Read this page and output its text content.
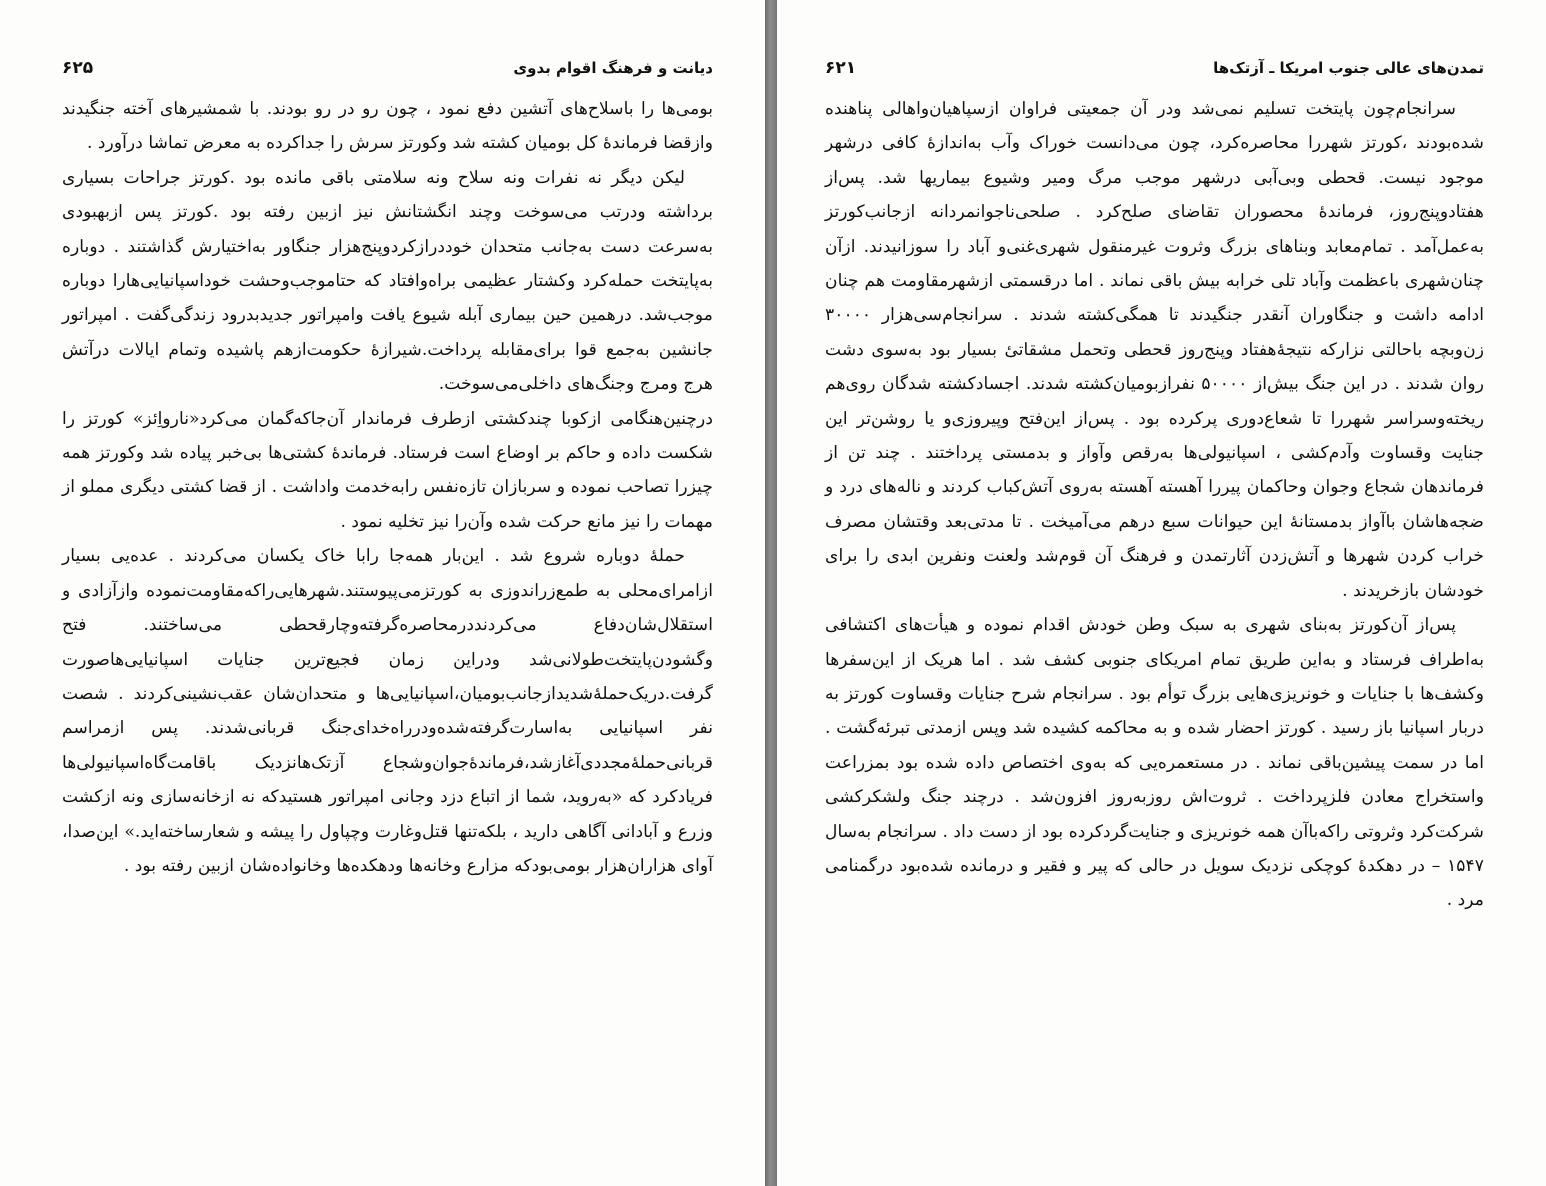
دیانت و فرهنگ اقوام بدوی
۶۲۵

بومی‌ها را باسلاح‌های آتشین دفع نمود ، چون رو در رو بودند. با شمشیرهای آخته جنگیدند وازقضا فرماندهٔ کل بومیان کشته شد وکورتز سرش را جداکرده به معرض تماشا درآورد .

لیکن دیگر نه نفرات ونه سلاح ونه سلامتی باقی مانده بود .کورتز جراحات بسیاری برداشته ودرتب می‌سوخت وچند انگشتانش نیز ازبین رفته بود .کورتز پس ازبهبودی به‌سرعت دست به‌جانب متحدان خوددرازکردوپنج‌هزار جنگاور به‌اختیارش گذاشتند . دوباره به‌پایتخت حمله‌کرد وکشتار عظیمی براه‌وافتاد که حتاموجب‌وحشت خوداسپانیایی‌هارا دوباره موجب‌شد. درهمین حین بیماری آبله شیوع یافت وامپراتور جدیدبدرود زندگی‌گفت . امپراتور جانشین به‌جمع قوا برای‌مقابله پرداخت.شیرازهٔ حکومت‌ازهم پاشیده وتمام ایالات درآتش هرج ومرج وجنگ‌های داخلی‌می‌سوخت.

درچنین‌هنگامی ازکوبا چندکشتی ازطرف فرماندار آن‌جاکه‌گمان می‌کرد«نارواِئز» کورتز را شکست داده و حاکم بر اوضاع است فرستاد. فرماندهٔ کشتی‌ها بی‌خبر پیاده شد وکورتز همه چیزرا تصاحب نموده و سربازان تازه‌نفس رابه‌خدمت واداشت . از قضا کشتی دیگری مملو از مهمات را نیز مانع حرکت شده وآن‌را نیز تخلیه نمود .

حملهٔ دوباره شروع شد . این‌بار همه‌جا رابا خاک یکسان می‌کردند . عده‌یی بسیار ازامرای‌محلی به طمع‌زراندوزی به کورتزمی‌پیوستند.شهرهایی‌راکه‌مقاومت‌نموده وازآزادی و استقلال‌شان‌دفاع می‌کردند‌درمحاصره‌گرفته‌وچارقحطی می‌ساختند. فتح وگشودن‌پایتخت‌طولانی‌شد ودراین زمان فجیع‌ترین جنایات اسپانیایی‌هاصورت گرفت.دریک‌حملهٔ‌شدیدازجانب‌بومیان،اسپانیایی‌ها و متحدان‌شان عقب‌نشینی‌کردند . شصت نفر اسپانیایی به‌اسارت‌گرفته‌شده‌ودرراه‌خدای‌جنگ قربانی‌شدند. پس ازمراسم قربانی‌حملهٔ‌مجددی‌آغازشد،فرماندهٔ‌جوان‌وشجاع آزتک‌هانزدیک باقامت‌گاه‌اسپانیولی‌ها فریادکرد که «به‌روید، شما از اتباع دزد وجانی امپراتور هستیدکه نه ازخانه‌سازی ونه ازکشت وزرع و آبادانی آگاهی دارید ، بلکه‌تنها قتل‌وغارت وچپاول را پیشه و شعارساخته‌اید.» این‌صدا، آوای هزاران‌هزار بومی‌بودکه مزارع وخانه‌ها ودهکده‌ها وخانواده‌شان ازبین رفته بود .

تمدن‌های عالی جنوب امریکا ـ آزتک‌ها
۶۲۱

سرانجام‌چون پایتخت تسلیم نمی‌شد ودر آن جمعیتی فراوان ازسپاهیان‌واهالی پناهنده شده‌بودند ،کورتز شهررا محاصره‌کرد، چون می‌دانست خوراک وآب به‌اندازهٔ کافی درشهر موجود نیست. قحطی وبی‌آبی درشهر موجب مرگ ومیر وشیوع بیماریها شد. پس‌از هفتادوپنج‌روز، فرماندهٔ محصوران تقاضای صلح‌کرد . صلحی‌ناجوانمردانه ازجانب‌کورتز به‌عمل‌آمد . تمام‌معابد وبناهای بزرگ وثروت غیرمنقول شهری‌غنی‌و آباد را سوزانیدند. ازآن چنان‌شهری باعظمت وآباد تلی خرابه بیش باقی نماند . اما درقسمتی ازشهرمقاومت هم چنان ادامه داشت و جنگاوران آنقدر جنگیدند تا همگی‌کشته شدند . سرانجام‌سی‌هزار ۳۰۰۰۰ زن‌وبچه باحالتی نزارکه نتیجهٔ‌هفتاد وپنج‌روز قحطی وتحمل مشقاتیٔ بسیار بود به‌سوی دشت روان شدند . در این جنگ بیش‌از ۵۰۰۰۰ نفرازبومیان‌کشته شدند. اجسادکشته شدگان روی‌هم ریخته‌وسراسر شهررا تا شعاع‌دوری پرکرده بود . پس‌از این‌فتح وپیروزی‌و یا روشن‌تر این جنایت وقساوت وآدم‌کشی ، اسپانیولی‌ها به‌رقص وآواز و بدمستی پرداختند . چند تن از فرماندهان شجاع وجوان وحاکمان پیررا آهسته آهسته به‌روی آتش‌کباب کردند و ناله‌های درد و ضجه‌هاشان باآواز بدمستانهٔ این حیوانات سبع درهم می‌آمیخت . تا مدتی‌بعد وقتشان مصرف خراب کردن شهرها و آتش‌زدن آثارتمدن و فرهنگ آن قوم‌شد ولعنت ونفرین ابدی را برای خودشان بازخریدند .

پس‌از آن‌کورتز به‌بنای شهری به سبک وطن خودش اقدام نموده و هیأت‌های اکتشافی به‌اطراف فرستاد و به‌این طریق تمام امریکای جنوبی کشف شد . اما هریک از این‌سفرها وکشف‌ها با جنایات و خونریزی‌هایی بزرگ توأم بود . سرانجام شرح جنایات وقساوت کورتز به دربار اسپانیا باز رسید . کورتز احضار شده و به محاکمه کشیده شد وپس ازمدتی تبرئه‌گشت . اما در سمت پیشین‌باقی نماند . در مستعمره‌یی که به‌وی اختصاص داده شده بود بمزراعت واستخراج معادن فلزپرداخت . ثروت‌اش روزبه‌روز افزون‌شد . درچند جنگ ولشکرکشی شرکت‌کرد وثروتی راکه‌باآن همه خونریزی و جنایت‌گردکرده بود از دست داد . سرانجام به‌سال ۱۵۴۷ – در دهکدهٔ کوچکی نزدیک سویل در حالی که پیر و فقیر و درمانده شده‌بود درگمنامی مرد .
